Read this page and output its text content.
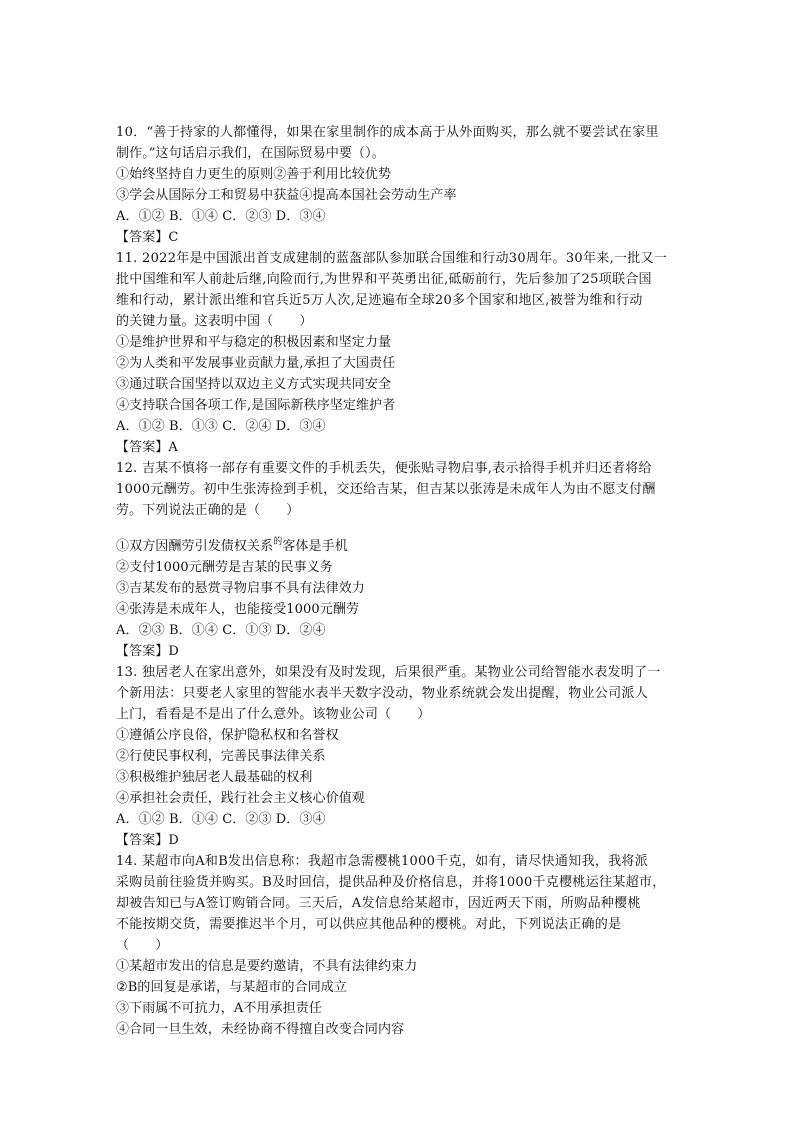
10．“善于持家的人都懂得，如果在家里制作的成本高于从外面购买，那么就不要尝试在家里
制作。”这句话启示我们，在国际贸易中要（）。
①始终坚持自力更生的原则②善于利用比较优势
③学会从国际分工和贸易中获益④提高本国社会劳动生产率
A．①② B．①④ C．②③ D．③④
【答案】C
11. 2022年是中国派出首支成建制的蓝盔部队参加联合国维和行动30周年。30年来,一批又一
批中国维和军人前赴后继,向险而行,为世界和平英勇出征,砥砺前行，先后参加了25项联合国
维和行动，累计派出维和官兵近5万人次,足迹遍布全球20多个国家和地区,被誉为维和行动
的关键力量。这表明中国（　　）
①是维护世界和平与稳定的积极因素和坚定力量
②为人类和平发展事业贡献力量,承担了大国责任
③通过联合国坚持以双边主义方式实现共同安全
④支持联合国各项工作,是国际新秩序坚定维护者
A．①② B．①③ C．②④ D．③④
【答案】A
12. 吉某不慎将一部存有重要文件的手机丢失，便张贴寻物启事,表示拾得手机并归还者将给
1000元酬劳。初中生张涛捡到手机，交还给吉某，但吉某以张涛是未成年人为由不愿支付酬
劳。下列说法正确的是（　　）
①双方因酬劳引发债权关系$^的$客体是手机
②支付1000元酬劳是吉某的民事义务
③吉某发布的悬赏寻物启事不具有法律效力
④张涛是未成年人，也能接受1000元酬劳
A．②③ B．①④ C．①③ D．②④
【答案】D
13. 独居老人在家出意外，如果没有及时发现，后果很严重。某物业公司给智能水表发明了一
个新用法：只要老人家里的智能水表半天数字没动，物业系统就会发出提醒，物业公司派人
上门，看看是不是出了什么意外。该物业公司（　　）
①遵循公序良俗，保护隐私权和名誉权
②行使民事权利，完善民事法律关系
③积极维护独居老人最基础的权利
④承担社会责任，践行社会主义核心价值观
A．①② B．①④ C．②③ D．③④
【答案】D
14. 某超市向A和B发出信息称：我超市急需樱桃1000千克，如有，请尽快通知我，我将派
采购员前往验货并购买。B及时回信，提供品种及价格信息，并将1000千克樱桃运往某超市，
却被告知已与A签订购销合同。三天后，A发信息给某超市，因近两天下雨，所购品种樱桃
不能按期交货，需要推迟半个月，可以供应其他品种的樱桃。对此，下列说法正确的是
（　　）
①某超市发出的信息是要约邀请，不具有法律约束力
②B的回复是承诺，与某超市的合同成立
③下雨属不可抗力，A不用承担责任
④合同一旦生效，未经协商不得擅自改变合同内容
